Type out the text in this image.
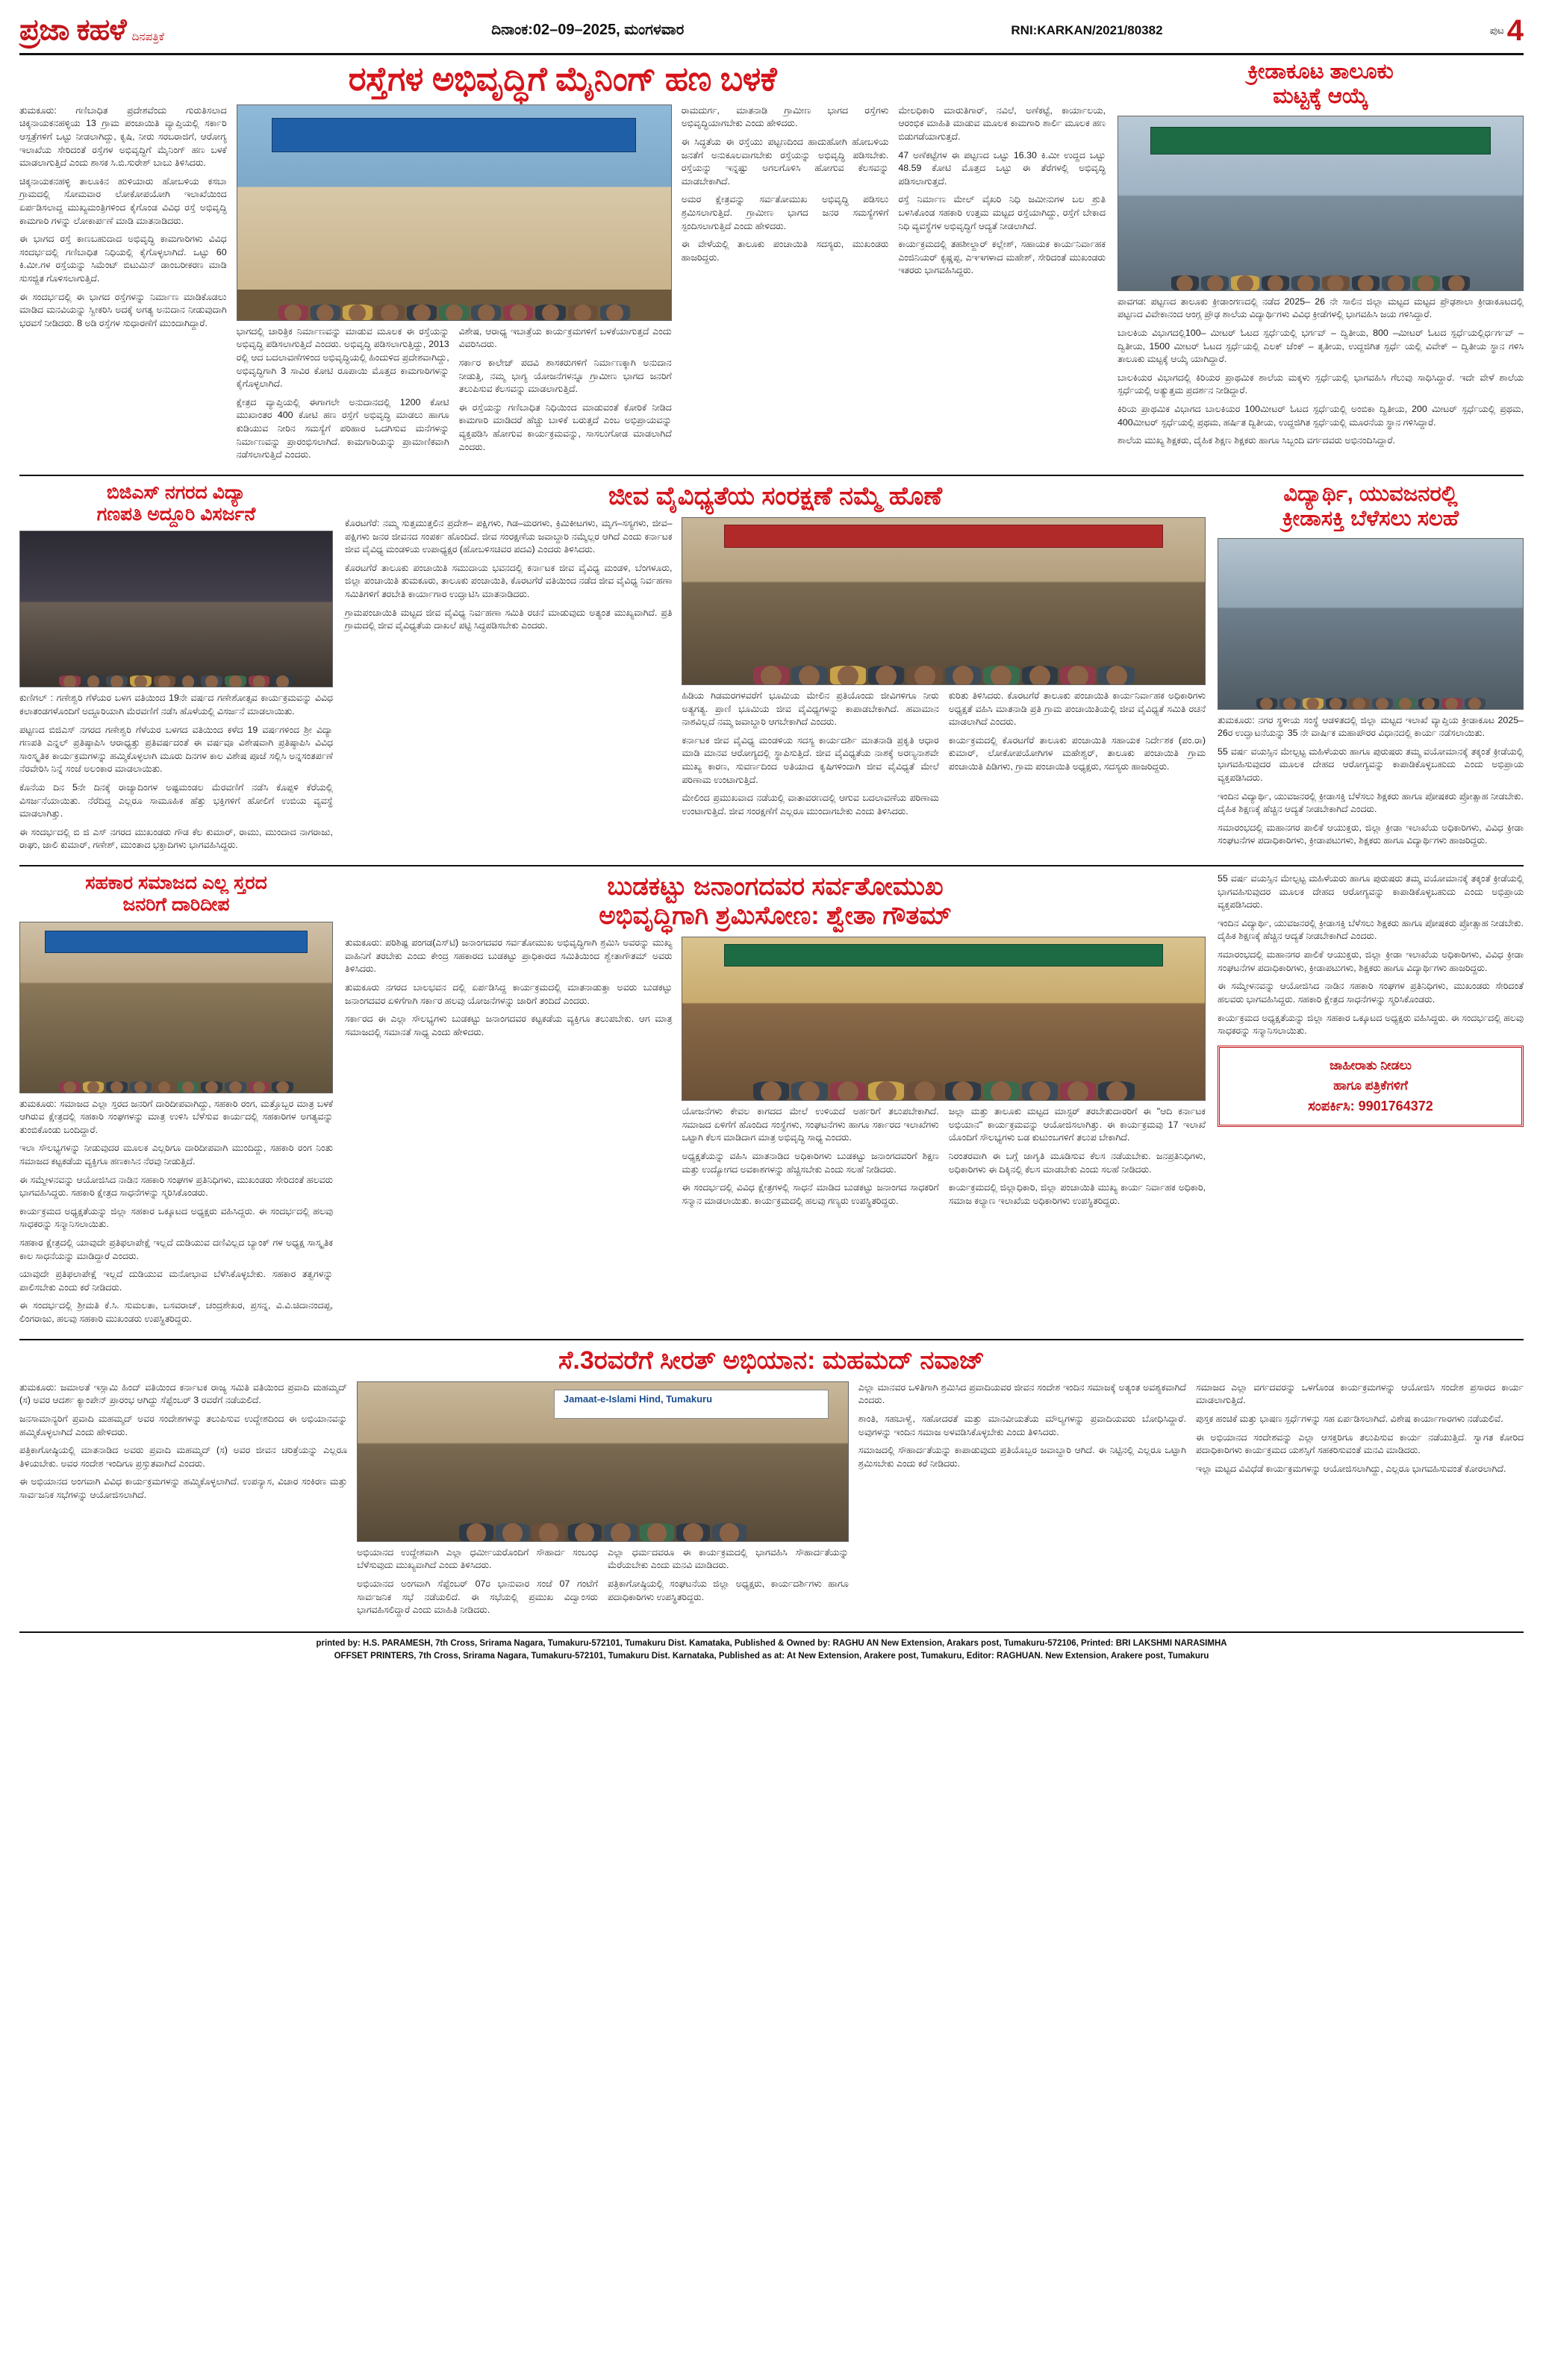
ಪ್ರಜಾ ಕಹಳೆ ದಿನಪತ್ರಿಕೆ	ದಿನಾಂಕ:02–09–2025, ಮಂಗಳವಾರ	RNI:KARKAN/2021/80382	ಪುಟ 4
ರಸ್ತೆಗಳ ಅಭಿವೃದ್ಧಿಗೆ ಮೈನಿಂಗ್ ಹಣ ಬಳಕೆ

ತುಮಕೂರು: ಗಣಿಬಾಧಿತ ಪ್ರದೇಶವೆಂದು ಗುರುತಿಸಲಾದ ಚಿಕ್ಕನಾಯಕನಹಳ್ಳಿಯ 13 ಗ್ರಾಮ ಪಂಚಾಯಿತಿ ವ್ಯಾಪ್ತಿಯಲ್ಲಿ ಸರ್ಕಾರಿ ಆಸ್ಪತ್ರೆಗಳಿಗೆ ಒಟ್ಟು ನೀಡಲಾಗಿದ್ದು, ಕೃಷಿ, ನೀರು ಸರಬರಾಜಿಗೆ, ಆರೋಗ್ಯ ಇಲಾಖೆಯ ಸೇರಿದಂತೆ ರಸ್ತೆಗಳ ಅಭಿವೃದ್ಧಿಗೆ ಮೈನಿಂಗ್ ಹಣ ಬಳಕೆ ಮಾಡಲಾಗುತ್ತಿದೆ ಎಂದು ಶಾಸಕ ಸಿ.ಬಿ.ಸುರೇಶ್ ಬಾಬು ತಿಳಿಸಿದರು.

ಚಿಕ್ಕನಾಯಕನಹಳ್ಳಿ ತಾಲೂಕಿನ ಹುಳಿಯಾರು ಹೋಬಳಿಯ ಕಸಬಾ ಗ್ರಾಮದಲ್ಲಿ ಸೋಮವಾರ ಲೋಕೋಪಯೋಗಿ ಇಲಾಖೆಯಿಂದ ಏರ್ಪಡಿಸಲಾದ್ದ ಮುಖ್ಯಮಂತ್ರಿಗಳಿಂದ ಕೈಗೊಂಡ ವಿವಿಧ ರಸ್ತೆ ಅಭಿವೃದ್ಧಿ ಕಾಮಗಾರಿ ಗಳನ್ನು ಲೋಕಾರ್ಪಣೆ ಮಾಡಿ ಮಾತನಾಡಿದರು.

ಈ ಭಾಗದ ರಸ್ತೆ ಕಾಣಬಹುದಾದ ಅಭಿವೃದ್ಧಿ ಕಾಮಗಾರಿಗಳು ವಿವಿಧ ಸಂದರ್ಭದಲ್ಲಿ ಗಣಿಬಾಧಿತ ನಿಧಿಯಲ್ಲಿ ಕೈಗೊಳ್ಳಲಾಗಿದೆ. ಒಟ್ಟು 60 ಕಿ.ಮೀ.ಗಳ ರಸ್ತೆಯನ್ನು ಸಿಮೆಂಟ್ ಬಿಟುಮಿನ್ ಡಾಂಬರೀಕರಣ ಮಾಡಿ ಸುಸಜ್ಜಿತ ಗೊಳಿಸಲಾಗುತ್ತಿದೆ.

ಈ ಸಂದರ್ಭದಲ್ಲಿ ಈ ಭಾಗದ ರಸ್ತೆಗಳನ್ನು ನಿರ್ಮಾಣ ಮಾಡಿಕೊಡಲು ಮಾಡಿದ ಮನವಿಯನ್ನು ಸ್ವೀಕರಿಸಿ ಅದಕ್ಕೆ ಅಗತ್ಯ ಅನುದಾನ ನೀಡುವುದಾಗಿ ಭರವಸೆ ನೀಡಿದರು. 8 ಅಡಿ ರಸ್ತೆಗಳ ಸುಧಾರಣೆಗೆ ಮುಂದಾಗಿದ್ದಾರೆ.

ಭಾಗದಲ್ಲಿ ಚಾರಿತ್ರಿಕ ನಿರ್ಮಾಣವನ್ನು ಮಾಡುವ ಮೂಲಕ ಈ ರಸ್ತೆಯನ್ನು ಅಭಿವೃದ್ಧಿ ಪಡಿಸಲಾಗುತ್ತಿದೆ ಎಂದರು. ಅಭಿವೃದ್ಧಿ ಪಡಿಸಲಾಗುತ್ತಿದ್ದು, 2013 ರಲ್ಲಿ ಆದ ಬದಲಾವಣೆಗಳಿಂದ ಅಭಿವೃದ್ಧಿಯಲ್ಲಿ ಹಿಂದುಳಿದ ಪ್ರದೇಶವಾಗಿದ್ದು, ಅಭಿವೃದ್ಧಿಗಾಗಿ 3 ಸಾವಿರ ಕೋಟಿ ರೂಪಾಯಿ ಮೊತ್ತದ ಕಾಮಗಾರಿಗಳನ್ನು ಕೈಗೊಳ್ಳಲಾಗಿದೆ.

ಕ್ಷೇತ್ರದ ವ್ಯಾಪ್ತಿಯಲ್ಲಿ ಈಗಾಗಲೇ ಅನುದಾನದಲ್ಲಿ 1200 ಕೋಟಿ ಮುಖಾಂತರ 400 ಕೋಟಿ ಹಣ ರಸ್ತೆಗೆ ಅಭಿವೃದ್ಧಿ ಮಾಡಲು ಹಾಗೂ ಕುಡಿಯುವ ನೀರಿನ ಸಮಸ್ಯೆಗೆ ಪರಿಹಾರ ಒದಗಿಸುವ ಮನೆಗಳನ್ನು ನಿರ್ಮಾಣವನ್ನು ಪ್ರಾರಂಭಿಸಲಾಗಿದೆ. ಕಾಮಗಾರಿಯನ್ನು ಪ್ರಾಮಾಣಿಕವಾಗಿ ನಡೆಸಲಾಗುತ್ತಿದೆ ಎಂದರು.

ವಿಶೇಷ, ಆರಾಧ್ಯ ಇಬಾತ್ರೆಯ ಕಾರ್ಯಕ್ರಮಗಳಿಗೆ ಬಳಕೆಯಾಗುತ್ತದೆ ಎಂದು ವಿವರಿಸಿದರು.

ಸರ್ಕಾರ ಕಾಲೇಜ್ ಪದವಿ ಶಾಸಕರುಗಳಿಗೆ ನಿರ್ಮಾಣಕ್ಕಾಗಿ ಅನುದಾನ ನೀಡುತ್ತಿ, ನಮ್ಮ ಭಾಗ್ಯ ಯೋಜನೆಗಳನ್ನೂ ಗ್ರಾಮೀಣ ಭಾಗದ ಜನರಿಗೆ ತಲುಪಿಸುವ ಕೆಲಸವನ್ನು ಮಾಡಲಾಗುತ್ತಿದೆ.

ಈ ರಸ್ತೆಯನ್ನು ಗಣಿಬಾಧಿತ ನಿಧಿಯಿಂದ ಮಾಡುವಂತೆ ಕೋರಿಕೆ ನೀಡಿದ ಕಾಮಗಾರಿ ಮಾಡಿದರೆ ಹೆಚ್ಚು ಬಾಳಿಕೆ ಬರುತ್ತದೆ ಎಂಬ ಅಭಿಪ್ರಾಯವನ್ನು ವ್ಯಕ್ತಪಡಿಸಿ ಹೋಗುವ ಕಾರ್ಯಕ್ರಮವನ್ನು, ಸಾಸಲುಗೋಡ ಮಾಡಲಾಗಿದೆ ಎಂದರು.

ರಾಮದುರ್ಗ, ಮಾತನಾಡಿ ಗ್ರಾಮೀಣ ಭಾಗದ ರಸ್ತೆಗಳು ಅಭಿವೃದ್ಧಿಯಾಗಬೇಕು ಎಂದು ಹೇಳಿದರು.

ಈ ಸಿದ್ಧತೆಯ ಈ ರಸ್ತೆಯು ಪಟ್ಟಣದಿಂದ ಹಾದುಹೋಗಿ ಹೋಬಳಿಯ ಜನತೆಗೆ ಅನುಕೂಲವಾಗಬೇಕು ರಸ್ತೆಯನ್ನು ಅಭಿವೃದ್ಧಿ ಪಡಿಸಬೇಕು. ರಸ್ತೆಯನ್ನು ಇನ್ನಷ್ಟು ಅಗಲಗೊಳಿಸಿ ಹೋಗುವ ಕೆಲಸವನ್ನು ಮಾಡಬೇಕಾಗಿದೆ.

ಅಮರ ಕ್ಷೇತ್ರವನ್ನು ಸರ್ವತೋಮುಖ ಅಭಿವೃದ್ಧಿ ಪಡಿಸಲು ಶ್ರಮಿಸಲಾಗುತ್ತಿದೆ. ಗ್ರಾಮೀಣ ಭಾಗದ ಜನರ ಸಮಸ್ಯೆಗಳಿಗೆ ಸ್ಪಂದಿಸಲಾಗುತ್ತಿದೆ ಎಂದು ಹೇಳಿದರು.

ಈ ವೇಳೆಯಲ್ಲಿ ತಾಲೂಕು ಪಂಚಾಯಿತಿ ಸದಸ್ಯರು, ಮುಖಂಡರು ಹಾಜರಿದ್ದರು.

ಮೇಲಧಿಕಾರಿ ಮಾರುತಿಗಾರ್, ನವಿಲೆ, ಅಣೆಕಟ್ಟೆ, ಕಾರ್ಯಾಲಯ, ಆರಂಭಿಕ ಮಾಹಿತಿ ಮಾಡುವ ಮೂಲಕ ಕಾಮಗಾರಿ ಶಾರ್ಲಿ ಮೂಲಕ ಹಣ ಬಿಡುಗಡೆಯಾಗುತ್ತದೆ.

47 ಅಣೆಕಟ್ಟೆಗಳ ಈ ಪಟ್ಟಣದ ಒಟ್ಟು 16.30 ಕಿ.ಮೀ ಉದ್ದದ ಒಟ್ಟು 48.59 ಕೋಟಿ ಮೊತ್ತದ ಒಟ್ಟು ಈ ತೆರೆಗಳಲ್ಲಿ ಅಭಿವೃದ್ಧಿ ಪಡಿಸಲಾಗುತ್ತದೆ.

ರಸ್ತೆ ನಿರ್ಮಾಣ ಮೇಲ್ ವೈಖರಿ ನಿಧಿ ಜಮೀನುಗಳ ಬಲ ಶ್ರುತಿ ಬಳಸಿಕೊಂಡ ಸಹಕಾರಿ ಉತ್ತಮ ಮಟ್ಟದ ರಸ್ತೆಯಾಗಿದ್ದು, ರಸ್ತೆಗೆ ಬೇಕಾದ ನಿಧಿ ವ್ಯವಸ್ಥೆಗಳ ಅಭಿವೃದ್ಧಿಗೆ ಆದ್ಯತೆ ನೀಡಲಾಗಿದೆ.

ಕಾರ್ಯಕ್ರಮದಲ್ಲಿ ತಹಶೀಲ್ದಾರ್ ಕಲ್ಲೇಶ್, ಸಹಾಯಕ ಕಾರ್ಯನಿರ್ವಾಹಕ ಎಂಜಿನಿಯರ್ ಕೃಷ್ಣಪ್ಪ, ಎಇಇಗಳಾದ ಮಹೇಶ್, ಸೇರಿದಂತೆ ಮುಖಂಡರು ಇತರರು ಭಾಗವಹಿಸಿದ್ದರು.

ಕ್ರೀಡಾಕೂಟ ತಾಲೂಕು
ಮಟ್ಟಕ್ಕೆ ಆಯ್ಕೆ

ಪಾವಗಡ: ಪಟ್ಟಣದ ತಾಲೂಕು ಕ್ರೀಡಾಂಗಣದಲ್ಲಿ ನಡೆದ 2025– 26 ನೇ ಸಾಲಿನ ಜಿಲ್ಲಾ ಮಟ್ಟದ ಮಟ್ಟದ ಪ್ರೌಢಶಾಲಾ ಕ್ರೀಡಾಕೂಟದಲ್ಲಿ ಪಟ್ಟಣದ ವಿವೇಕಾನಂದ ಆಂಗ್ಲ ಪ್ರೌಢ ಶಾಲೆಯ ವಿದ್ಯಾರ್ಥಿಗಳು ವಿವಿಧ ಕ್ರೀಡೆಗಳಲ್ಲಿ ಭಾಗವಹಿಸಿ ಜಯ ಗಳಿಸಿದ್ದಾರೆ.

ಬಾಲಕಿಯ ವಿಭಾಗದಲ್ಲಿ100– ಮೀಟರ್ ಓಟದ ಸ್ಪರ್ಧೆಯಲ್ಲಿ ಭರ್ಗವ್ – ದ್ವಿತೀಯ, 800 –ಮೀಟರ್ ಓಟದ ಸ್ಪರ್ಧೆಯಲ್ಲಿರ್ಧರ್ಗವ್ – ದ್ವಿತೀಯ, 1500 ಮೀಟರ್ ಓಟದ ಸ್ಪರ್ಧೆಯಲ್ಲಿ ಎಲಕ್ ಚೆಂಕ್ – ತೃತೀಯ, ಉದ್ದಜಿಗಿತ ಸ್ಪರ್ಧೆ ಯಲ್ಲಿ ವಿವೇಕ್ – ದ್ವಿತೀಯ ಸ್ಥಾನ ಗಳಿಸಿ ತಾಲೂಕು ಮಟ್ಟಕ್ಕೆ ಆಯ್ಕೆ ಯಾಗಿದ್ದಾರೆ.

ಬಾಲಕಿಯರ ವಿಭಾಗದಲ್ಲಿ ಕಿರಿಯರ ಪ್ರಾಥಮಿಕ ಶಾಲೆಯ ಮಕ್ಕಳು ಸ್ಪರ್ಧೆಯಲ್ಲಿ ಭಾಗವಹಿಸಿ ಗೆಲುವು ಸಾಧಿಸಿದ್ದಾರೆ. ಇದೇ ವೇಳೆ ಶಾಲೆಯ ಸ್ಪರ್ಧೆಯಲ್ಲಿ ಅತ್ಯುತ್ತಮ ಪ್ರದರ್ಶನ ನೀಡಿದ್ದಾರೆ.

ಕಿರಿಯ ಪ್ರಾಥಮಿಕ ವಿಭಾಗದ ಬಾಲಕಿಯರ 100ಮೀಟರ್ ಓಟದ ಸ್ಪರ್ಧೆಯಲ್ಲಿ ಅಂಬಿಕಾ ದ್ವಿತೀಯ, 200 ಮೀಟರ್ ಸ್ಪರ್ಧೆಯಲ್ಲಿ ಪ್ರಥಮ, 400ಮೀಟರ್ ಸ್ಪರ್ಧೆಯಲ್ಲಿ ಪ್ರಥಮ, ಹರ್ಷಿತ ದ್ವಿತೀಯ, ಉದ್ದಜಿಗಿತ ಸ್ಪರ್ಧೆಯಲ್ಲಿ ಮೂರನೆಯ ಸ್ಥಾನ ಗಳಿಸಿದ್ದಾರೆ.

ಶಾಲೆಯ ಮುಖ್ಯ ಶಿಕ್ಷಕರು, ದೈಹಿಕ ಶಿಕ್ಷಣ ಶಿಕ್ಷಕರು ಹಾಗೂ ಸಿಬ್ಬಂದಿ ವರ್ಗದವರು ಅಭಿನಂದಿಸಿದ್ದಾರೆ.

ಬಿಜಿಎಸ್ ನಗರದ ವಿದ್ಯಾ
ಗಣಪತಿ ಅದ್ದೂರಿ ವಿಸರ್ಜನೆ

ಕುಣಿಗಲ್ : ಗಣೇಶ್ವರಿ ಗೆಳೆಯರ ಬಳಗ ವತಿಯಿಂದ 19ನೇ ವರ್ಷದ ಗಣೇಶೋತ್ಸವ ಕಾರ್ಯಕ್ರಮವನ್ನು ವಿವಿಧ ಕಲಾತಂಡಗಳೊಂದಿಗೆ ಅದ್ದೂರಿಯಾಗಿ ಮೆರವಣಿಗೆ ನಡೆಸಿ ಹೊಳೆಯಲ್ಲಿ ವಿಸರ್ಜನೆ ಮಾಡಲಾಯಿತು.

ಪಟ್ಟಣದ ಬಿಜಿಎಸ್ ನಗರದ ಗಣೇಶ್ವರಿ ಗೆಳೆಯರ ಬಳಗದ ವತಿಯಿಂದ ಕಳೆದ 19 ವರ್ಷಗಳಿಂದ ಶ್ರೀ ವಿದ್ಯಾ ಗಣಪತಿ ಎನ್ನಲ್ ಪ್ರತಿಷ್ಠಾಪಿಸಿ ಆರಾಧ್ಯತ್ತು ಪ್ರತಿವರ್ಷದಂತೆ ಈ ವರ್ಷವೂ ವಿಶೇಷವಾಗಿ ಪ್ರತಿಷ್ಠಾಪಿಸಿ ವಿವಿಧ ಸಾಂಸ್ಕೃತಿಕ ಕಾರ್ಯಕ್ರಮಗಳನ್ನು ಹಮ್ಮಿಕೊಳ್ಳಲಾಗಿ ಮೂರು ದಿನಗಳ ಕಾಲ ವಿಶೇಷ ಪೂಜೆ ಸಲ್ಲಿಸಿ ಅನ್ನಸಂತರ್ಪಣೆ ನೆರವೇರಿಸಿ ನಿನ್ನೆ ಸಂಜೆ ಅಲಂಕಾರ ಮಾಡಲಾಯಿತು.

ಕೊನೆಯ ದಿನ 5ನೇ ದಿನಕ್ಕೆ ರಾಜ್ಯಾದಿಂಗಳ ಅಷ್ಟಮಂಡಲ ಮೆರವಣಿಗೆ ನಡೆಸಿ ಕೊಪ್ಪಳಿ ಕೆರೆಯಲ್ಲಿ ವಿಸರ್ಜನೆಯಾಯಿತು. ನೆರೆದಿದ್ದ ಎಲ್ಲರೂ ಸಾಮೂಹಿಕ ಹೆತ್ತು ಭಕ್ತಿಗಳಿಗೆ ಹೋಲಿಗೆ ಉಬಿಯ ವ್ಯವಸ್ಥೆ ಮಾಡಲಾಗಿತ್ತು.

ಈ ಸಂದರ್ಭದಲ್ಲಿ ಬಿ ಜಿ ಎಸ್ ನಗರದ ಮುಖಂಡರು ಗೌಡ ಕೆಲ ಕುಮಾರ್, ರಾಮು, ಮುಂದಾದ ನಾಗರಾಜು, ರಾಘು, ಜಾಲಿ ಕುಮಾರ್, ಗಣೇಶ್, ಮುಂತಾದ ಭಕ್ತಾದಿಗಳು ಭಾಗವಹಿಸಿದ್ದರು.

ಜೀವ ವೈವಿಧ್ಯತೆಯ ಸಂರಕ್ಷಣೆ ನಮ್ಮೆ ಹೊಣೆ

ಕೊರಟಗೆರೆ: ನಮ್ಮ ಸುತ್ತಮುತ್ತಲಿನ ಪ್ರದೇಶ– ಪಕ್ಷಿಗಳು, ಗಿಡ–ಮರಗಳು, ಕ್ರಿಮಿಕೀಟಗಳು, ಮೃಗ–ಸಸ್ಯಗಳು, ಜೀವ–ಪಕ್ಷಿಗಳು ಜನರ ಜೀವನದ ಸಂಪರ್ಕ ಹೊಂದಿದೆ. ಜೀವ ಸಂರಕ್ಷಣೆಯ ಜವಾಬ್ದಾರಿ ನಮ್ಮೆಲ್ಲರ ಆಗಿದೆ ಎಂದು ಕರ್ನಾಟಕ ಜೀವ ವೈವಿಧ್ಯ ಮಂಡಳಿಯ ಉಪಾಧ್ಯಕ್ಷರ (ಹೋಬಳಿಸಚಿವರ ಪದವಿ) ಎಂದರು ತಿಳಿಸಿದರು.

ಕೊರಟಗೆರೆ ತಾಲೂಕು ಪಂಚಾಯಿತಿ ಸಮುದಾಯ ಭವನದಲ್ಲಿ ಕರ್ನಾಟಕ ಜೀವ ವೈವಿಧ್ಯ ಮಂಡಳಿ, ಬೆಂಗಳೂರು, ಜಿಲ್ಲಾ ಪಂಚಾಯಿತಿ ತುಮಕೂರು, ತಾಲೂಕು ಪಂಚಾಯಿತಿ, ಕೊರಟಗೆರೆ ವತಿಯಿಂದ ನಡೆದ ಜೀವ ವೈವಿಧ್ಯ ನಿರ್ವಹಣಾ ಸಮಿತಿಗಳಿಗೆ ತರಬೇತಿ ಕಾರ್ಯಾಗಾರ ಉದ್ಘಾಟಿಸಿ ಮಾತನಾಡಿದರು.

ಗ್ರಾಮಪಂಚಾಯಿತಿ ಮಟ್ಟದ ಜೀವ ವೈವಿಧ್ಯ ನಿರ್ವಹಣಾ ಸಮಿತಿ ರಚನೆ ಮಾಡುವುದು ಅತ್ಯಂತ ಮುಖ್ಯವಾಗಿದೆ. ಪ್ರತಿ ಗ್ರಾಮದಲ್ಲಿ ಜೀವ ವೈವಿಧ್ಯತೆಯ ದಾಖಲೆ ಪಟ್ಟಿ ಸಿದ್ಧಪಡಿಸಬೇಕು ಎಂದರು.

ಹಿಡಿಯ ಗಿಡಮರಗಳವರೆಗೆ ಭೂಮಿಯ ಮೇಲಿನ ಪ್ರತಿಯೊಂದು ಜೀವಿಗಳಿಗೂ ನೀರು ಅತ್ಯಗತ್ಯ. ಪ್ರಾಣಿ ಭೂಮಿಯ ಜೀವ ವೈವಿಧ್ಯಗಳನ್ನು ಕಾಪಾಡಬೇಕಾಗಿದೆ. ಹವಾಮಾನ ನಾಶವಿಲ್ಲದೆ ನಮ್ಮ ಜವಾಬ್ದಾರಿ ಆಗಬೇಕಾಗಿದೆ ಎಂದರು.

ಕರ್ನಾಟಕ ಜೀವ ವೈವಿಧ್ಯ ಮಂಡಳಿಯ ಸದಸ್ಯ ಕಾರ್ಯದರ್ಶಿ ಮಾತನಾಡಿ ಪ್ರಕೃತಿ ಆಧಾರ ಮಾಡಿ ಮಾನವ ಆರೋಗ್ಯದಲ್ಲಿ ಸ್ಥಾಪಿಸುತ್ತಿದೆ. ಜೀವ ವೈವಿಧ್ಯತೆಯ ನಾಶಕ್ಕೆ ಅರಣ್ಯನಾಶವೇ ಮುಖ್ಯ ಕಾರಣ, ಸುವರ್ಣದಿಂದ ಅತಿಯಾದ ಕೃಷಿಗಳಿಂದಾಗಿ ಜೀವ ವೈವಿಧ್ಯತೆ ಮೇಲೆ ಪರಿಣಾಮ ಉಂಟಾಗುತ್ತಿದೆ.

ಮೇಲಿಂದ ಪ್ರಮುಖವಾದ ನಡೆಯಲ್ಲಿ ವಾತಾವರಣದಲ್ಲಿ ಆಗುವ ಬದಲಾವಣೆಯ ಪರಿಣಾಮ ಉಂಟಾಗುತ್ತಿದೆ. ಜೀವ ಸಂರಕ್ಷಣೆಗೆ ಎಲ್ಲರೂ ಮುಂದಾಗಬೇಕು ಎಂದು ತಿಳಿಸಿದರು.

ಕುರಿತು ತಿಳಿಸಿದರು. ಕೊರಟಗೆರೆ ತಾಲೂಕು ಪಂಚಾಯಿತಿ ಕಾರ್ಯನಿರ್ವಾಹಕ ಅಧಿಕಾರಿಗಳು ಅಧ್ಯಕ್ಷತೆ ವಹಿಸಿ ಮಾತನಾಡಿ ಪ್ರತಿ ಗ್ರಾಮ ಪಂಚಾಯಿತಿಯಲ್ಲಿ ಜೀವ ವೈವಿಧ್ಯತೆ ಸಮಿತಿ ರಚನೆ ಮಾಡಲಾಗಿದೆ ಎಂದರು.

ಕಾರ್ಯಕ್ರಮದಲ್ಲಿ ಕೊರಟಗೆರೆ ತಾಲೂಕು ಪಂಚಾಯಿತಿ ಸಹಾಯಕ ನಿರ್ದೇಶಕ (ಪಂ.ರಾ) ಕುಮಾರ್, ಲೋಕೋಪಯೋಗಿಗಳ ಮಹೇಶ್ವರ್, ತಾಲೂಕು ಪಂಚಾಯಿತಿ ಗ್ರಾಮ ಪಂಚಾಯಿತಿ ಪಿಡಿಗಳು, ಗ್ರಾಮ ಪಂಚಾಯಿತಿ ಅಧ್ಯಕ್ಷರು, ಸದಸ್ಯರು ಹಾಜರಿದ್ದರು.

ವಿದ್ಯಾರ್ಥಿ, ಯುವಜನರಲ್ಲಿ
ಕ್ರೀಡಾಸಕ್ತಿ ಬೆಳೆಸಲು ಸಲಹೆ

ತುಮಕೂರು: ನಗರ ಸ್ಥಳೀಯ ಸಂಸ್ಥೆ ಆಡಳಿತದಲ್ಲಿ ಜಿಲ್ಲಾ ಮಟ್ಟದ ಇಲಾಖೆ ವ್ಯಾಪ್ತಿಯ ಕ್ರೀಡಾಕೂಟ 2025– 26ರ ಉದ್ಘಾಟನೆಯನ್ನು 35 ನೇ ವಾರ್ಷಿಕ ಮಹಾಪೌರರ ವಿಧಾನದಲ್ಲಿ ಕಾರ್ಯ ನಡೆಸಲಾಯಿತು.

55 ವರ್ಷ ವಯಸ್ಸಿನ ಮೇಲ್ಪಟ್ಟ ಮಹಿಳೆಯರು ಹಾಗೂ ಪುರುಷರು ತಮ್ಮ ವಯೋಮಾನಕ್ಕೆ ತಕ್ಕಂತೆ ಕ್ರೀಡೆಯಲ್ಲಿ ಭಾಗವಹಿಸುವುದರ ಮೂಲಕ ದೇಹದ ಆರೋಗ್ಯವನ್ನು ಕಾಪಾಡಿಕೊಳ್ಳಬಹುದು ಎಂದು ಅಭಿಪ್ರಾಯ ವ್ಯಕ್ತಪಡಿಸಿದರು.

ಇಂದಿನ ವಿದ್ಯಾರ್ಥಿ, ಯುವಜನರಲ್ಲಿ ಕ್ರೀಡಾಸಕ್ತಿ ಬೆಳೆಸಲು ಶಿಕ್ಷಕರು ಹಾಗೂ ಪೋಷಕರು ಪ್ರೋತ್ಸಾಹ ನೀಡಬೇಕು. ದೈಹಿಕ ಶಿಕ್ಷಣಕ್ಕೆ ಹೆಚ್ಚಿನ ಆದ್ಯತೆ ನೀಡಬೇಕಾಗಿದೆ ಎಂದರು.

ಸಮಾರಂಭದಲ್ಲಿ ಮಹಾನಗರ ಪಾಲಿಕೆ ಆಯುಕ್ತರು, ಜಿಲ್ಲಾ ಕ್ರೀಡಾ ಇಲಾಖೆಯ ಅಧಿಕಾರಿಗಳು, ವಿವಿಧ ಕ್ರೀಡಾ ಸಂಘಟನೆಗಳ ಪದಾಧಿಕಾರಿಗಳು, ಕ್ರೀಡಾಪಟುಗಳು, ಶಿಕ್ಷಕರು ಹಾಗೂ ವಿದ್ಯಾರ್ಥಿಗಳು ಹಾಜರಿದ್ದರು.

ಸಹಕಾರ ಸಮಾಜದ ಎಲ್ಲ ಸ್ತರದ
ಜನರಿಗೆ ದಾರಿದೀಪ

ತುಮಕೂರು: ಸಮಾಜದ ಎಲ್ಲಾ ಸ್ತರದ ಜನರಿಗೆ ದಾರಿದೀಪವಾಗಿದ್ದು, ಸಹಕಾರಿ ರಂಗ, ಮತ್ತೊಬ್ಬರ ಮಾತ್ರ ಬಳಕೆ ಆಗಿರುವ ಕ್ಷೇತ್ರದಲ್ಲಿ ಸಹಕಾರಿ ಸಂಘಗಳನ್ನು ಮಾತ್ರ ಉಳಿಸಿ ಬೆಳೆಸುವ ಕಾರ್ಯದಲ್ಲಿ ಸಹಕಾರಿಗಳ ಅಗತ್ಯವನ್ನು ತುಂಬಿಕೊಂಡು ಬಂದಿದ್ದಾರೆ.

ಇಲಾ ಸೌಲಭ್ಯಗಳನ್ನು ನೀಡುವುದರ ಮೂಲಕ ಎಲ್ಲರಿಗೂ ದಾರಿದೀಪವಾಗಿ ಮುಂದಿದ್ದು, ಸಹಕಾರಿ ರಂಗ ನಿಂತು ಸಮಾಜದ ಕಟ್ಟಕಡೆಯ ವ್ಯಕ್ತಿಗೂ ಹಣಕಾಸಿನ ನೆರವು ನೀಡುತ್ತಿದೆ.

ಈ ಸಮ್ಮೇಳನವನ್ನು ಆಯೋಜಿಸಿದ ನಾಡಿನ ಸಹಕಾರಿ ಸಂಘಗಳ ಪ್ರತಿನಿಧಿಗಳು, ಮುಖಂಡರು ಸೇರಿದಂತೆ ಹಲವರು ಭಾಗವಹಿಸಿದ್ದರು. ಸಹಕಾರಿ ಕ್ಷೇತ್ರದ ಸಾಧನೆಗಳನ್ನು ಸ್ಮರಿಸಿಕೊಂಡರು.

ಕಾರ್ಯಕ್ರಮದ ಅಧ್ಯಕ್ಷತೆಯನ್ನು ಜಿಲ್ಲಾ ಸಹಕಾರ ಒಕ್ಕೂಟದ ಅಧ್ಯಕ್ಷರು ವಹಿಸಿದ್ದರು. ಈ ಸಂದರ್ಭದಲ್ಲಿ ಹಲವು ಸಾಧಕರನ್ನು ಸನ್ಮಾನಿಸಲಾಯಿತು.

ಸಹಕಾರ ಕ್ಷೇತ್ರದಲ್ಲಿ ಯಾವುದೇ ಪ್ರತಿಫಲಾಪೇಕ್ಷೆ ಇಲ್ಲದೆ ದುಡಿಯುವ ದಣಿವಿಲ್ಲದ ಬ್ಯಾಂಕ್ ಗಳ ಅಧ್ಯಕ್ಷ ಸಾಸ್ಕೃತಿಕ ಕಾಲ ಸಾಧನೆಯನ್ನು ಮಾಡಿದ್ದಾರೆ ಎಂದರು.

ಯಾವುದೇ ಪ್ರತಿಫಲಾಪೇಕ್ಷೆ ಇಲ್ಲದೆ ದುಡಿಯುವ ಮನೋಭಾವ ಬೆಳೆಸಿಕೊಳ್ಳಬೇಕು. ಸಹಕಾರ ತತ್ವಗಳನ್ನು ಪಾಲಿಸಬೇಕು ಎಂದು ಕರೆ ನೀಡಿದರು.

ಈ ಸಂದರ್ಭದಲ್ಲಿ ಶ್ರೀಮತಿ ಕೆ.ಸಿ. ಸುಮಲತಾ, ಬಸವರಾಜ್, ಚಂದ್ರಶೇಖರ, ಪ್ರಸನ್ನ, ವಿ.ವಿ.ಚಿದಾನಂದಪ್ಪ, ಲಿಂಗರಾಜು, ಹಲವು ಸಹಕಾರಿ ಮುಖಂಡರು ಉಪಸ್ಥಿತರಿದ್ದರು.

ಬುಡಕಟ್ಟು ಜನಾಂಗದವರ ಸರ್ವತೋಮುಖ
ಅಭಿವೃದ್ಧಿಗಾಗಿ ಶ್ರಮಿಸೋಣ: ಶ್ವೇತಾ ಗೌತಮ್

ತುಮಕೂರು: ಪರಿಶಿಷ್ಟ ಪಂಗಡ(ಎಸ್‌ಟಿ) ಜನಾಂಗದವರ ಸರ್ವತೋಮುಖ ಅಭಿವೃದ್ಧಿಗಾಗಿ ಶ್ರಮಿಸಿ ಅವರನ್ನು ಮುಖ್ಯ ವಾಹಿನಿಗೆ ತರಬೇಕು ಎಂದು ಕೇಂದ್ರ ಸಹಕಾರದ ಬುಡಕಟ್ಟು ಪ್ರಾಧಿಕಾರದ ಸಮಿತಿಯಿಂದ ಶ್ವೇತಾಗೌತಮ್ ಅವರು ತಿಳಿಸಿದರು.

ತುಮಕೂರು ನಗರದ ಬಾಲಭವನ ದಲ್ಲಿ ಏರ್ಪಡಿಸಿದ್ದ ಕಾರ್ಯಕ್ರಮದಲ್ಲಿ ಮಾತನಾಡುತ್ತಾ ಅವರು ಬುಡಕಟ್ಟು ಜನಾಂಗದವರ ಏಳಿಗೆಗಾಗಿ ಸರ್ಕಾರ ಹಲವು ಯೋಜನೆಗಳನ್ನು ಜಾರಿಗೆ ತಂದಿದೆ ಎಂದರು.

ಸರ್ಕಾರದ ಈ ಎಲ್ಲಾ ಸೌಲಭ್ಯಗಳು ಬುಡಕಟ್ಟು ಜನಾಂಗದವರ ಕಟ್ಟಕಡೆಯ ವ್ಯಕ್ತಿಗೂ ತಲುಪಬೇಕು. ಆಗ ಮಾತ್ರ ಸಮಾಜದಲ್ಲಿ ಸಮಾನತೆ ಸಾಧ್ಯ ಎಂದು ಹೇಳಿದರು.

ಯೋಜನೆಗಳು ಕೇವಲ ಕಾಗದದ ಮೇಲೆ ಉಳಿಯದೆ ಅರ್ಹರಿಗೆ ತಲುಪಬೇಕಾಗಿದೆ. ಸಮಾಜದ ಏಳಿಗೆಗೆ ಹೊಂದಿದ ಸಂಸ್ಥೆಗಳು, ಸಂಘಟನೆಗಳು ಹಾಗೂ ಸರ್ಕಾರದ ಇಲಾಖೆಗಳು ಒಟ್ಟಾಗಿ ಕೆಲಸ ಮಾಡಿದಾಗ ಮಾತ್ರ ಅಭಿವೃದ್ಧಿ ಸಾಧ್ಯ ಎಂದರು.

ಅಧ್ಯಕ್ಷತೆಯನ್ನು ವಹಿಸಿ ಮಾತನಾಡಿದ ಅಧಿಕಾರಿಗಳು ಬುಡಕಟ್ಟು ಜನಾಂಗದವರಿಗೆ ಶಿಕ್ಷಣ ಮತ್ತು ಉದ್ಯೋಗದ ಅವಕಾಶಗಳನ್ನು ಹೆಚ್ಚಿಸಬೇಕು ಎಂದು ಸಲಹೆ ನೀಡಿದರು.

ಈ ಸಂದರ್ಭದಲ್ಲಿ ವಿವಿಧ ಕ್ಷೇತ್ರಗಳಲ್ಲಿ ಸಾಧನೆ ಮಾಡಿದ ಬುಡಕಟ್ಟು ಜನಾಂಗದ ಸಾಧಕರಿಗೆ ಸನ್ಮಾನ ಮಾಡಲಾಯಿತು. ಕಾರ್ಯಕ್ರಮದಲ್ಲಿ ಹಲವು ಗಣ್ಯರು ಉಪಸ್ಥಿತರಿದ್ದರು.

ಜಲ್ಲಾ ಮತ್ತು ತಾಲೂಕು ಮಟ್ಟದ ಮಾಸ್ಟರ್ ತರಬೇತುದಾರರಿಗೆ ಈ "ಆದಿ ಕರ್ನಾಟಕ ಅಭಿಯಾನ" ಕಾರ್ಯಕ್ರಮವನ್ನು ಆಯೋಜಿಸಲಾಗಿತ್ತು. ಈ ಕಾರ್ಯಕ್ರಮವು 17 ಇಲಾಖೆ ಯೊಂದಿಗೆ ಸೌಲಭ್ಯಗಳು ಬಡ ಕುಟುಂಬಗಳಿಗೆ ತಲುಪ ಬೇಕಾಗಿದೆ.

ನಿರಂತರವಾಗಿ ಈ ಬಗ್ಗೆ ಜಾಗೃತಿ ಮೂಡಿಸುವ ಕೆಲಸ ನಡೆಯಬೇಕು. ಜನಪ್ರತಿನಿಧಿಗಳು, ಅಧಿಕಾರಿಗಳು ಈ ದಿಕ್ಕಿನಲ್ಲಿ ಕೆಲಸ ಮಾಡಬೇಕು ಎಂದು ಸಲಹೆ ನೀಡಿದರು.

ಕಾರ್ಯಕ್ರಮದಲ್ಲಿ ಜಿಲ್ಲಾಧಿಕಾರಿ, ಜಿಲ್ಲಾ ಪಂಚಾಯಿತಿ ಮುಖ್ಯ ಕಾರ್ಯ ನಿರ್ವಾಹಕ ಅಧಿಕಾರಿ, ಸಮಾಜ ಕಲ್ಯಾಣ ಇಲಾಖೆಯ ಅಧಿಕಾರಿಗಳು ಉಪಸ್ಥಿತರಿದ್ದರು.

55 ವರ್ಷ ವಯಸ್ಸಿನ ಮೇಲ್ಪಟ್ಟ ಮಹಿಳೆಯರು ಹಾಗೂ ಪುರುಷರು ತಮ್ಮ ವಯೋಮಾನಕ್ಕೆ ತಕ್ಕಂತೆ ಕ್ರೀಡೆಯಲ್ಲಿ ಭಾಗವಹಿಸುವುದರ ಮೂಲಕ ದೇಹದ ಆರೋಗ್ಯವನ್ನು ಕಾಪಾಡಿಕೊಳ್ಳಬಹುದು ಎಂದು ಅಭಿಪ್ರಾಯ ವ್ಯಕ್ತಪಡಿಸಿದರು.

ಇಂದಿನ ವಿದ್ಯಾರ್ಥಿ, ಯುವಜನರಲ್ಲಿ ಕ್ರೀಡಾಸಕ್ತಿ ಬೆಳೆಸಲು ಶಿಕ್ಷಕರು ಹಾಗೂ ಪೋಷಕರು ಪ್ರೋತ್ಸಾಹ ನೀಡಬೇಕು. ದೈಹಿಕ ಶಿಕ್ಷಣಕ್ಕೆ ಹೆಚ್ಚಿನ ಆದ್ಯತೆ ನೀಡಬೇಕಾಗಿದೆ ಎಂದರು.

ಸಮಾರಂಭದಲ್ಲಿ ಮಹಾನಗರ ಪಾಲಿಕೆ ಆಯುಕ್ತರು, ಜಿಲ್ಲಾ ಕ್ರೀಡಾ ಇಲಾಖೆಯ ಅಧಿಕಾರಿಗಳು, ವಿವಿಧ ಕ್ರೀಡಾ ಸಂಘಟನೆಗಳ ಪದಾಧಿಕಾರಿಗಳು, ಕ್ರೀಡಾಪಟುಗಳು, ಶಿಕ್ಷಕರು ಹಾಗೂ ವಿದ್ಯಾರ್ಥಿಗಳು ಹಾಜರಿದ್ದರು.

ಈ ಸಮ್ಮೇಳನವನ್ನು ಆಯೋಜಿಸಿದ ನಾಡಿನ ಸಹಕಾರಿ ಸಂಘಗಳ ಪ್ರತಿನಿಧಿಗಳು, ಮುಖಂಡರು ಸೇರಿದಂತೆ ಹಲವರು ಭಾಗವಹಿಸಿದ್ದರು. ಸಹಕಾರಿ ಕ್ಷೇತ್ರದ ಸಾಧನೆಗಳನ್ನು ಸ್ಮರಿಸಿಕೊಂಡರು.

ಕಾರ್ಯಕ್ರಮದ ಅಧ್ಯಕ್ಷತೆಯನ್ನು ಜಿಲ್ಲಾ ಸಹಕಾರ ಒಕ್ಕೂಟದ ಅಧ್ಯಕ್ಷರು ವಹಿಸಿದ್ದರು. ಈ ಸಂದರ್ಭದಲ್ಲಿ ಹಲವು ಸಾಧಕರನ್ನು ಸನ್ಮಾನಿಸಲಾಯಿತು.

ಜಾಹೀರಾತು ನೀಡಲು
ಹಾಗೂ ಪತ್ರಿಕೆಗಳಿಗೆ
ಸಂಪರ್ಕಿಸಿ: 9901764372
ಸೆ.3ರವರೆಗೆ ಸೀರತ್ ಅಭಿಯಾನ: ಮಹಮದ್ ನವಾಜ್

ತುಮಕೂರು: ಜಮಾಅತೆ ಇಸ್ಲಾಮಿ ಹಿಂದ್ ವತಿಯಿಂದ ಕರ್ನಾಟಕ ರಾಜ್ಯ ಸಮಿತಿ ವತಿಯಿಂದ ಪ್ರವಾದಿ ಮಹಮ್ಮದ್ (ಸ) ಅವರ ಆದರ್ಶ ಕ್ಯಾಂಪೇನ್ ಪ್ರಾರಂಭ ಆಗಿದ್ದು ಸೆಪ್ಟೆಂಬರ್ 3 ರವರೆಗೆ ನಡೆಯಲಿದೆ.

ಜನಸಾಮಾನ್ಯರಿಗೆ ಪ್ರವಾದಿ ಮಹಮ್ಮದ್ ಅವರ ಸಂದೇಶಗಳನ್ನು ತಲುಪಿಸುವ ಉದ್ದೇಶದಿಂದ ಈ ಅಭಿಯಾನವನ್ನು ಹಮ್ಮಿಕೊಳ್ಳಲಾಗಿದೆ ಎಂದು ಹೇಳಿದರು.

ಪತ್ರಿಕಾಗೋಷ್ಠಿಯಲ್ಲಿ ಮಾತನಾಡಿದ ಅವರು ಪ್ರವಾದಿ ಮಹಮ್ಮದ್ (ಸ) ಅವರ ಜೀವನ ಚರಿತ್ರೆಯನ್ನು ಎಲ್ಲರೂ ತಿಳಿಯಬೇಕು. ಅವರ ಸಂದೇಶ ಇಂದಿಗೂ ಪ್ರಸ್ತುತವಾಗಿದೆ ಎಂದರು.

ಈ ಅಭಿಯಾನದ ಅಂಗವಾಗಿ ವಿವಿಧ ಕಾರ್ಯಕ್ರಮಗಳನ್ನು ಹಮ್ಮಿಕೊಳ್ಳಲಾಗಿದೆ. ಉಪನ್ಯಾಸ, ವಿಚಾರ ಸಂಕಿರಣ ಮತ್ತು ಸಾರ್ವಜನಿಕ ಸಭೆಗಳನ್ನು ಆಯೋಜಿಸಲಾಗಿದೆ.

Jamaat-e-Islami Hind, Tumakuru

ಅಭಿಯಾನದ ಉದ್ದೇಶವಾಗಿ ಎಲ್ಲಾ ಧರ್ಮೀಯರೊಂದಿಗೆ ಸೌಹಾರ್ದ ಸಂಬಂಧ ಬೆಳೆಸುವುದು ಮುಖ್ಯವಾಗಿದೆ ಎಂದು ತಿಳಿಸಿದರು.

ಅಭಿಯಾನದ ಅಂಗವಾಗಿ ಸೆಪ್ಟೆಂಬರ್ 07ರ ಭಾನುವಾರ ಸಂಜೆ 07 ಗಂಟೆಗೆ ಸಾರ್ವಜನಿಕ ಸಭೆ ನಡೆಯಲಿದೆ. ಈ ಸಭೆಯಲ್ಲಿ ಪ್ರಮುಖ ವಿದ್ವಾಂಸರು ಭಾಗವಹಿಸಲಿದ್ದಾರೆ ಎಂದು ಮಾಹಿತಿ ನೀಡಿದರು.

ಎಲ್ಲಾ ಧರ್ಮದವರೂ ಈ ಕಾರ್ಯಕ್ರಮದಲ್ಲಿ ಭಾಗವಹಿಸಿ ಸೌಹಾರ್ದತೆಯನ್ನು ಮೆರೆಯಬೇಕು ಎಂದು ಮನವಿ ಮಾಡಿದರು.

ಪತ್ರಿಕಾಗೋಷ್ಠಿಯಲ್ಲಿ ಸಂಘಟನೆಯ ಜಿಲ್ಲಾ ಅಧ್ಯಕ್ಷರು, ಕಾರ್ಯದರ್ಶಿಗಳು ಹಾಗೂ ಪದಾಧಿಕಾರಿಗಳು ಉಪಸ್ಥಿತರಿದ್ದರು.

ಎಲ್ಲಾ ಮಾನವರ ಒಳಿತಿಗಾಗಿ ಶ್ರಮಿಸಿದ ಪ್ರವಾದಿಯವರ ಜೀವನ ಸಂದೇಶ ಇಂದಿನ ಸಮಾಜಕ್ಕೆ ಅತ್ಯಂತ ಅವಶ್ಯಕವಾಗಿದೆ ಎಂದರು.

ಶಾಂತಿ, ಸಹಬಾಳ್ವೆ, ಸಹೋದರತೆ ಮತ್ತು ಮಾನವೀಯತೆಯ ಮೌಲ್ಯಗಳನ್ನು ಪ್ರವಾದಿಯವರು ಬೋಧಿಸಿದ್ದಾರೆ. ಅವುಗಳನ್ನು ಇಂದಿನ ಸಮಾಜ ಅಳವಡಿಸಿಕೊಳ್ಳಬೇಕು ಎಂದು ತಿಳಿಸಿದರು.

ಸಮಾಜದಲ್ಲಿ ಸೌಹಾರ್ದತೆಯನ್ನು ಕಾಪಾಡುವುದು ಪ್ರತಿಯೊಬ್ಬರ ಜವಾಬ್ದಾರಿ ಆಗಿದೆ. ಈ ನಿಟ್ಟಿನಲ್ಲಿ ಎಲ್ಲರೂ ಒಟ್ಟಾಗಿ ಶ್ರಮಿಸಬೇಕು ಎಂದು ಕರೆ ನೀಡಿದರು.

ಸಮಾಜದ ಎಲ್ಲಾ ವರ್ಗದವರನ್ನು ಒಳಗೊಂಡ ಕಾರ್ಯಕ್ರಮಗಳನ್ನು ಆಯೋಜಿಸಿ ಸಂದೇಶ ಪ್ರಸಾರದ ಕಾರ್ಯ ಮಾಡಲಾಗುತ್ತಿದೆ.

ಪುಸ್ತಕ ಹಂಚಿಕೆ ಮತ್ತು ಭಾಷಣ ಸ್ಪರ್ಧೆಗಳನ್ನು ಸಹ ಏರ್ಪಡಿಸಲಾಗಿದೆ. ವಿಶೇಷ ಕಾರ್ಯಾಗಾರಗಳು ನಡೆಯಲಿವೆ.

ಈ ಅಭಿಯಾನದ ಸಂದೇಶವನ್ನು ಎಲ್ಲಾ ಆಸಕ್ತರಿಗೂ ತಲುಪಿಸುವ ಕಾರ್ಯ ನಡೆಯುತ್ತಿದೆ. ಸ್ವಾಗತ ಕೋರಿದ ಪದಾಧಿಕಾರಿಗಳು ಕಾರ್ಯಕ್ರಮದ ಯಶಸ್ಸಿಗೆ ಸಹಕರಿಸುವಂತೆ ಮನವಿ ಮಾಡಿದರು.

ಇಲ್ಲಾ ಮಟ್ಟದ ವಿವಿಧೆಡೆ ಕಾರ್ಯಕ್ರಮಗಳನ್ನು ಆಯೋಜಿಸಲಾಗಿದ್ದು, ಎಲ್ಲರೂ ಭಾಗವಹಿಸುವಂತೆ ಕೋರಲಾಗಿದೆ.

printed by: H.S. PARAMESH, 7th Cross, Srirama Nagara, Tumakuru-572101, Tumakuru Dist. Kamataka, Published & Owned by: RAGHU AN New Extension, Arakars post, Tumakuru-572106, Printed: BRI LAKSHMI NARASIMHA
OFFSET PRINTERS, 7th Cross, Srirama Nagara, Tumakuru-572101, Tumakuru Dist. Karnataka, Published as at: At New Extension, Arakere post, Tumakuru, Editor: RAGHUAN. New Extension, Arakere post, Tumakuru
